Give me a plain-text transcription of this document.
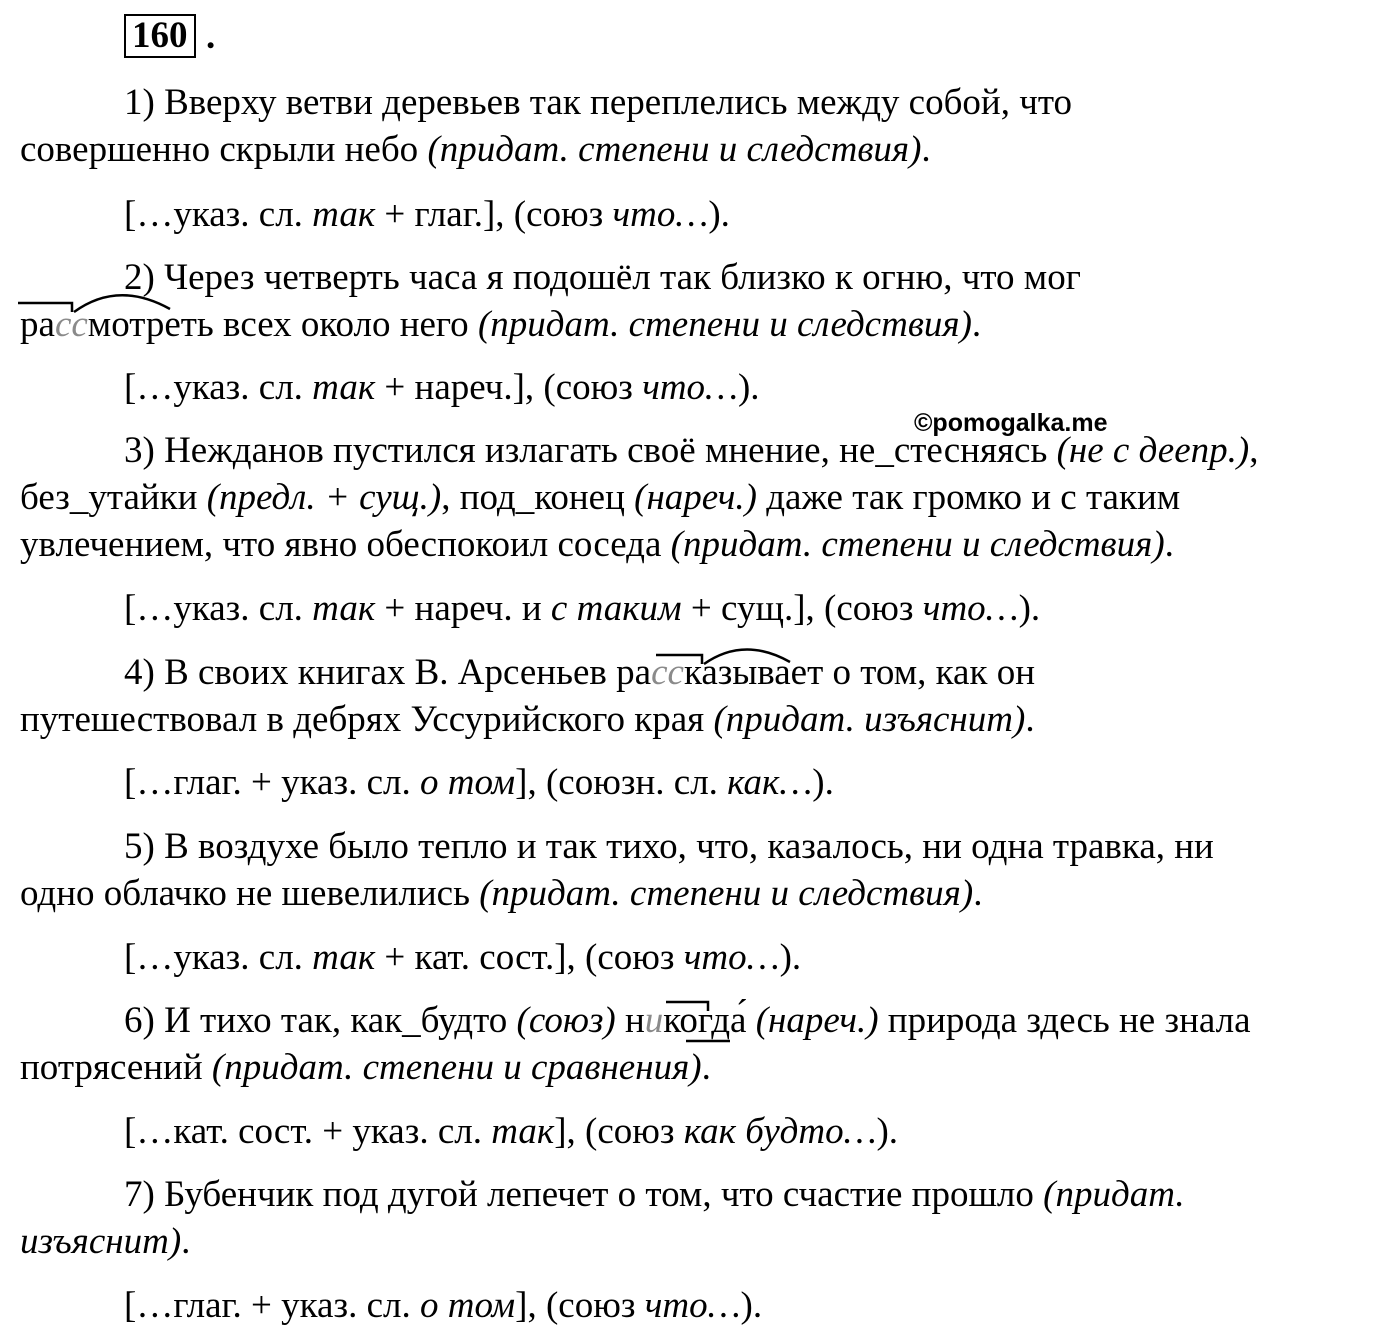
160 .
©pomogalka.me
1) Вверху ветви деревьев так переплелись между собой, что
совершенно скрыли небо (придат. степени и следствия).
[…указ. сл. так + глаг.], (союз что…).
2) Через четверть часа я подошёл так близко к огню, что мог
рассмотреть всех около него (придат. степени и следствия).
[…указ. сл. так + нареч.], (союз что…).
3) Нежданов пустился излагать своё мнение, не_стесняясь (не с деепр.),
без_утайки (предл. + сущ.), под_конец (нареч.) даже так громко и с таким
увлечением, что явно обеспокоил соседа (придат. степени и следствия).
[…указ. сл. так + нареч. и с таким + сущ.], (союз что…).
4) В своих книгах В. Арсеньев рассказывает о том, как он
путешествовал в дебрях Уссурийского края (придат. изъяснит).
[…глаг. + указ. сл. о том], (союзн. сл. как…).
5) В воздухе было тепло и так тихо, что, казалось, ни одна травка, ни
одно облачко не шевелились (придат. степени и следствия).
[…указ. сл. так + кат. сост.], (союз что…).
6) И тихо так, как_будто (союз) никогда́ (нареч.) природа здесь не знала
потрясений (придат. степени и сравнения).
[…кат. сост. + указ. сл. так], (союз как будто…).
7) Бубенчик под дугой лепечет о том, что счастие прошло (придат.
изъяснит).
[…глаг. + указ. сл. о том], (союз что…).
